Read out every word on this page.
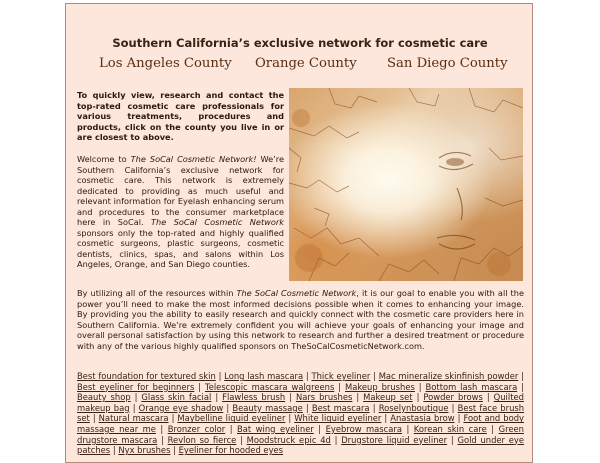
Southern California’s exclusive network for cosmetic care
Los Angeles County Orange County San Diego County
To quickly view, research and contact the top-rated cosmetic care professionals for various treatments, procedures and products, click on the county you live in or are closest to above.
Welcome to The SoCal Cosmetic Network! We’re Southern California’s exclusive network for cosmetic care. This network is extremely dedicated to providing as much useful and relevant information for Eyelash enhancing serum and procedures to the consumer marketplace here in SoCal. The SoCal Cosmetic Network sponsors only the top-rated and highly qualified cosmetic surgeons, plastic surgeons, cosmetic dentists, clinics, spas, and salons within Los Angeles, Orange, and San Diego counties.
By utilizing all of the resources within The SoCal Cosmetic Network, it is our goal to enable you with all the power you’ll need to make the most informed decisions possible when it comes to enhancing your image. By providing you the ability to easily research and quickly connect with the cosmetic care providers here in Southern California. We’re extremely confident you will achieve your goals of enhancing your image and overall personal satisfaction by using this network to research and further a desired treatment or procedure with any of the various highly qualified sponsors on TheSoCalCosmeticNetwork.com.
Best foundation for textured skin | Long lash mascara | Thick eyeliner | Mac mineralize skinfinish powder | Best eyeliner for beginners | Telescopic mascara walgreens | Makeup brushes | Bottom lash mascara | Beauty shop | Glass skin facial | Flawless brush | Nars brushes | Makeup set | Powder brows | Quilted makeup bag | Orange eye shadow | Beauty massage | Best mascara | Roselynboutique | Best face brush set | Natural mascara | Maybelline liquid eyeliner | White liquid eyeliner | Anastasia brow | Foot and body massage near me | Bronzer color | Bat wing eyeliner | Eyebrow mascara | Korean skin care | Green drugstore mascara | Revlon so fierce | Moodstruck epic 4d | Drugstore liquid eyeliner | Gold under eye patches | Nyx brushes | Eyeliner for hooded eyes
